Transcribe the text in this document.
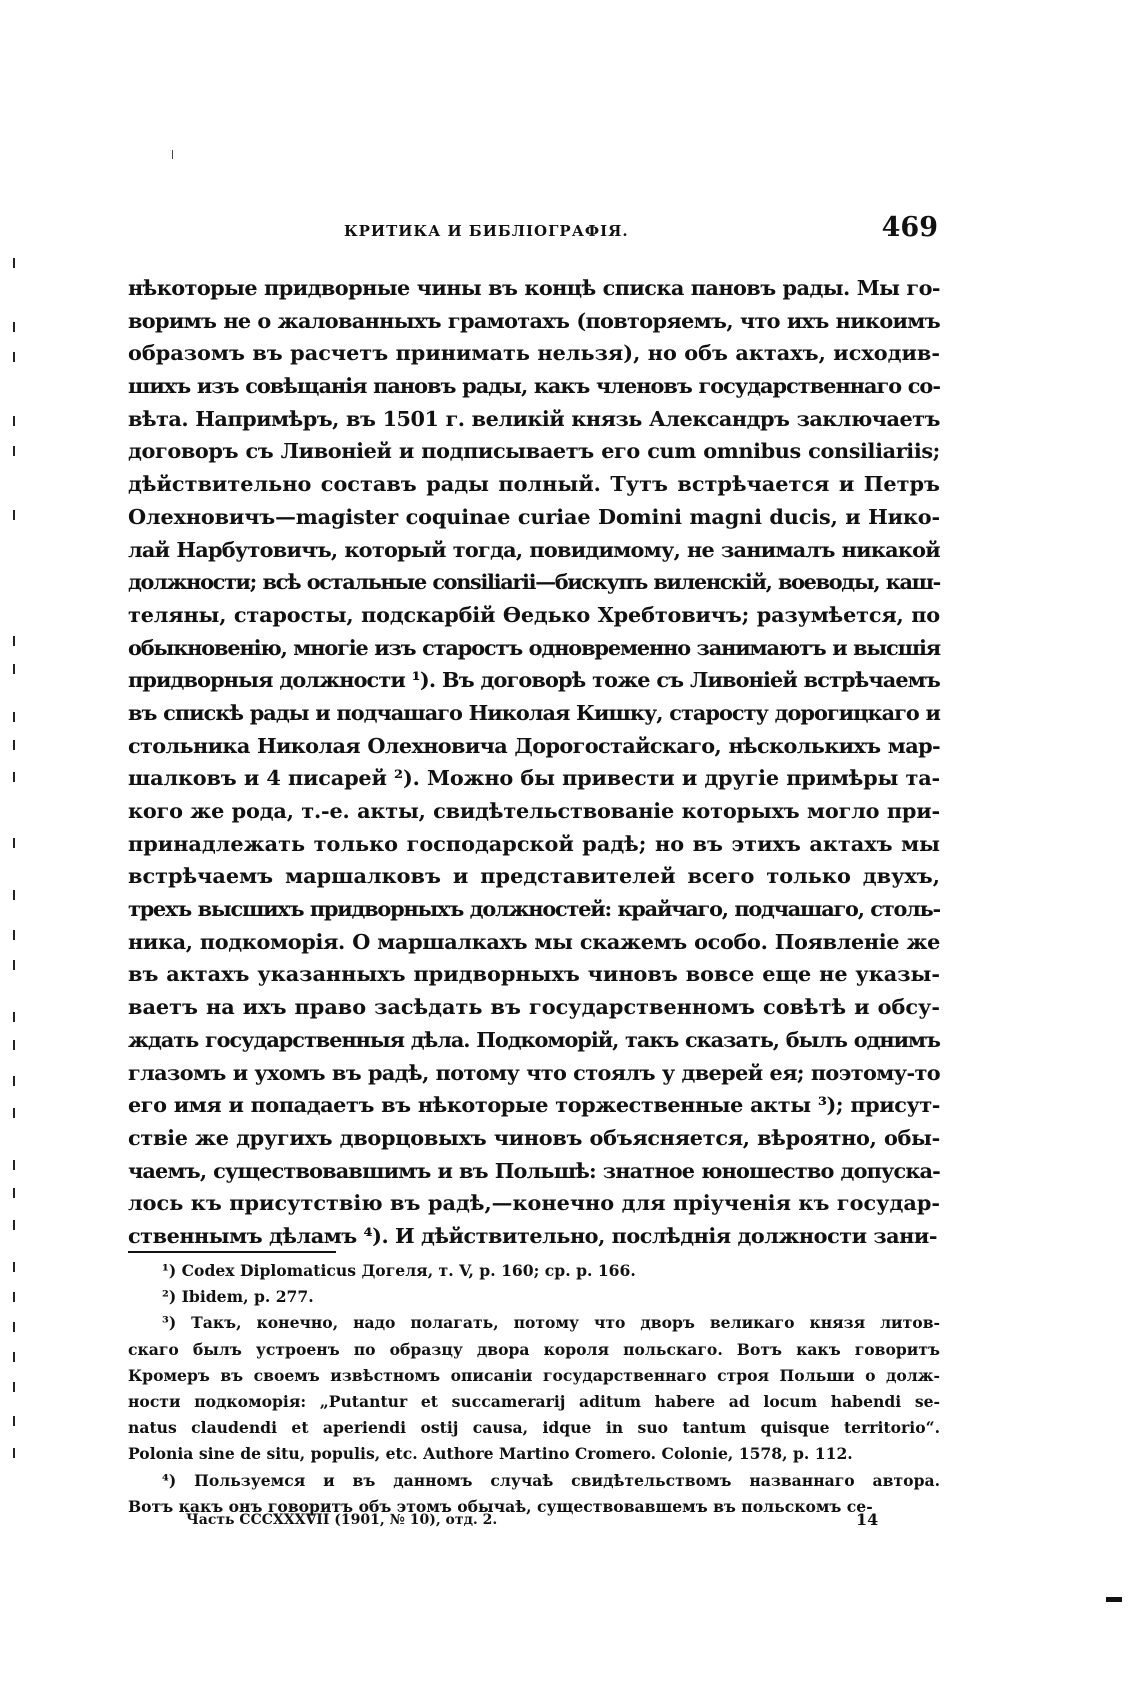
КРИТИКА И БИБЛІОГРАФІЯ.	469
нѣкоторые придворные чины въ концѣ списка пановъ рады. Мы го-
воримъ не о жалованныхъ грамотахъ (повторяемъ, что ихъ никоимъ
образомъ въ расчетъ принимать нельзя), но объ актахъ, исходив-
шихъ изъ совѣщанія пановъ рады, какъ членовъ государственнаго со-
вѣта. Напримѣръ, въ 1501 г. великій князь Александръ заключаетъ
договоръ съ Ливоніей и подписываетъ его cum omnibus consiliariis;
дѣйствительно составъ рады полный. Тутъ встрѣчается и Петръ
Олехновичъ—magister coquinae curiae Domini magni ducis, и Нико-
лай Нарбутовичъ, который тогда, повидимому, не занималъ никакой
должности; всѣ остальные consiliarii—бискупъ виленскій, воеводы, каш-
теляны, старосты, подскарбій Ѳедько Хребтовичъ; разумѣется, по
обыкновенію, многіе изъ старостъ одновременно занимаютъ и высшія
придворныя должности ¹). Въ договорѣ тоже съ Ливоніей встрѣчаемъ
въ спискѣ рады и подчашаго Николая Кишку, старосту дорогицкаго и
стольника Николая Олехновича Дорогостайскаго, нѣсколькихъ мар-
шалковъ и 4 писарей ²). Можно бы привести и другіе примѣры та-
кого же рода, т.-е. акты, свидѣтельствованіе которыхъ могло при-
принадлежать только господарской радѣ; но въ этихъ актахъ мы
встрѣчаемъ маршалковъ и представителей всего только двухъ,
трехъ высшихъ придворныхъ должностей: крайчаго, подчашаго, столь-
ника, подкоморія. О маршалкахъ мы скажемъ особо. Появленіе же
въ актахъ указанныхъ придворныхъ чиновъ вовсе еще не указы-
ваетъ на ихъ право засѣдать въ государственномъ совѣтѣ и обсу-
ждать государственныя дѣла. Подкоморій, такъ сказать, былъ однимъ
глазомъ и ухомъ въ радѣ, потому что стоялъ у дверей ея; поэтому-то
его имя и попадаетъ въ нѣкоторые торжественные акты ³); присут-
ствіе же другихъ дворцовыхъ чиновъ объясняется, вѣроятно, обы-
чаемъ, существовавшимъ и въ Польшѣ: знатное юношество допуска-
лось къ присутствію въ радѣ,—конечно для пріученія къ государ-
ственнымъ дѣламъ ⁴). И дѣйствительно, послѣднія должности зани-
¹) Codex Diplomaticus Догеля, т. V, p. 160; ср. p. 166.
²) Ibidem, p. 277.
³) Такъ, конечно, надо полагать, потому что дворъ великаго князя литов-
скаго былъ устроенъ по образцу двора короля польскаго. Вотъ какъ говоритъ
Кромеръ въ своемъ извѣстномъ описаніи государственнаго строя Польши о долж-
ности подкоморія: „Putantur et succamerarij aditum habere ad locum habendi se-
natus claudendi et aperiendi ostij causa, idque in suo tantum quisque territorio“.
Polonia sine de situ, populis, etc. Authore Martino Cromero. Colonie, 1578, p. 112.
⁴) Пользуемся и въ данномъ случаѣ свидѣтельствомъ названнаго автора.
Вотъ какъ онъ говоритъ объ этомъ обычаѣ, существовавшемъ въ польскомъ се-
Часть CCCXXXVII (1901, № 10), отд. 2.	14
